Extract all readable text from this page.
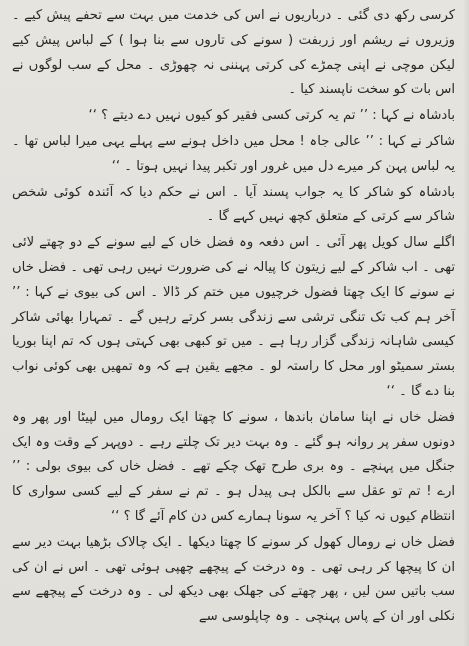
کرسی رکھ دی گئی ۔ درباریوں نے اس کی خدمت میں بہت سے تحفے پیش کیے ۔ وزیروں نے ریشم اور زربفت ( سونے کی تاروں سے بنا ہوا ) کے لباس پیش کیے لیکن موچی نے اپنی چمڑے کی کرتی پہننی نہ چھوڑی ۔ محل کے سب لوگوں نے اس بات کو سخت ناپسند کیا ۔

بادشاہ نے کہا : ’’ تم یہ کرتی کسی فقیر کو کیوں نہیں دے دیتے ؟ ‘‘

شاکر نے کہا : ’’ عالی جاہ ! محل میں داخل ہونے سے پہلے یہی میرا لباس تھا ۔ یہ لباس پہن کر میرے دل میں غرور اور تکبر پیدا نہیں ہوتا ۔ ‘‘

بادشاہ کو شاکر کا یہ جواب پسند آیا ۔ اس نے حکم دیا کہ آئندہ کوئی شخص شاکر سے کرتی کے متعلق کچھ نہیں کہے گا ۔

اگلے سال کویل پھر آئی ۔ اس دفعہ وہ فضل خاں کے لیے سونے کے دو چھتے لائی تھی ۔ اب شاکر کے لیے زیتون کا پیالہ نے کی ضرورت نہیں رہی تھی ۔ فضل خاں نے سونے کا ایک چھتا فضول خرچیوں میں ختم کر ڈالا ۔ اس کی بیوی نے کہا : ’’ آخر ہم کب تک تنگی ترشی سے زندگی بسر کرتے رہیں گے ۔ تمہارا بھائی شاکر کیسی شاہانہ زندگی گزار رہا ہے ۔ میں تو کبھی بھی کہتی ہوں کہ تم اپنا بوریا بستر سمیٹو اور محل کا راستہ لو ۔ مجھے یقین ہے کہ وہ تمھیں بھی کوئی نواب بنا دے گا ۔ ‘‘

فضل خاں نے اپنا سامان باندھا ، سونے کا چھتا ایک رومال میں لپیٹا اور پھر وہ دونوں سفر پر روانہ ہو گئے ۔ وہ بہت دیر تک چلتے رہے ۔ دوپہر کے وقت وہ ایک جنگل میں پہنچے ۔ وہ بری طرح تھک چکے تھے ۔ فضل خاں کی بیوی بولی : ’’ ارے ! تم تو عقل سے بالکل ہی پیدل ہو ۔ تم نے سفر کے لیے کسی سواری کا انتظام کیوں نہ کیا ؟ آخر یہ سونا ہمارے کس دن کام آئے گا ؟ ‘‘

فضل خاں نے رومال کھول کر سونے کا چھتا دیکھا ۔ ایک چالاک بڑھیا بہت دیر سے ان کا پیچھا کر رہی تھی ۔ وہ درخت کے پیچھے چھپی ہوئی تھی ۔ اس نے ان کی سب باتیں سن لیں ، پھر چھتے کی جھلک بھی دیکھ لی ۔ وہ درخت کے پیچھے سے نکلی اور ان کے پاس پہنچی ۔ وہ چاپلوسی سے
